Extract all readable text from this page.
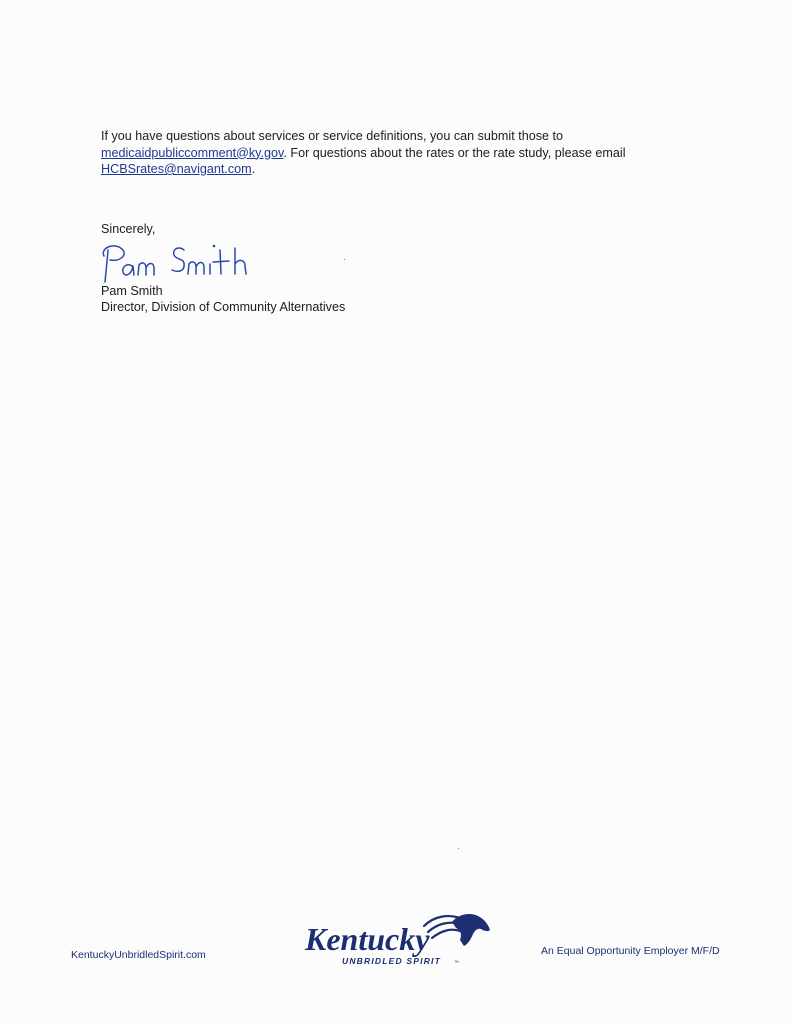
If you have questions about services or service definitions, you can submit those to
medicaidpubliccomment@ky.gov. For questions about the rates or the rate study, please email
HCBSrates@navigant.com.
Sincerely,
Pam Smith
Director, Division of Community Alternatives
KentuckyUnbridledSpirit.com	Kentucky
UNBRIDLED SPIRIT	™
An Equal Opportunity Employer M/F/D
